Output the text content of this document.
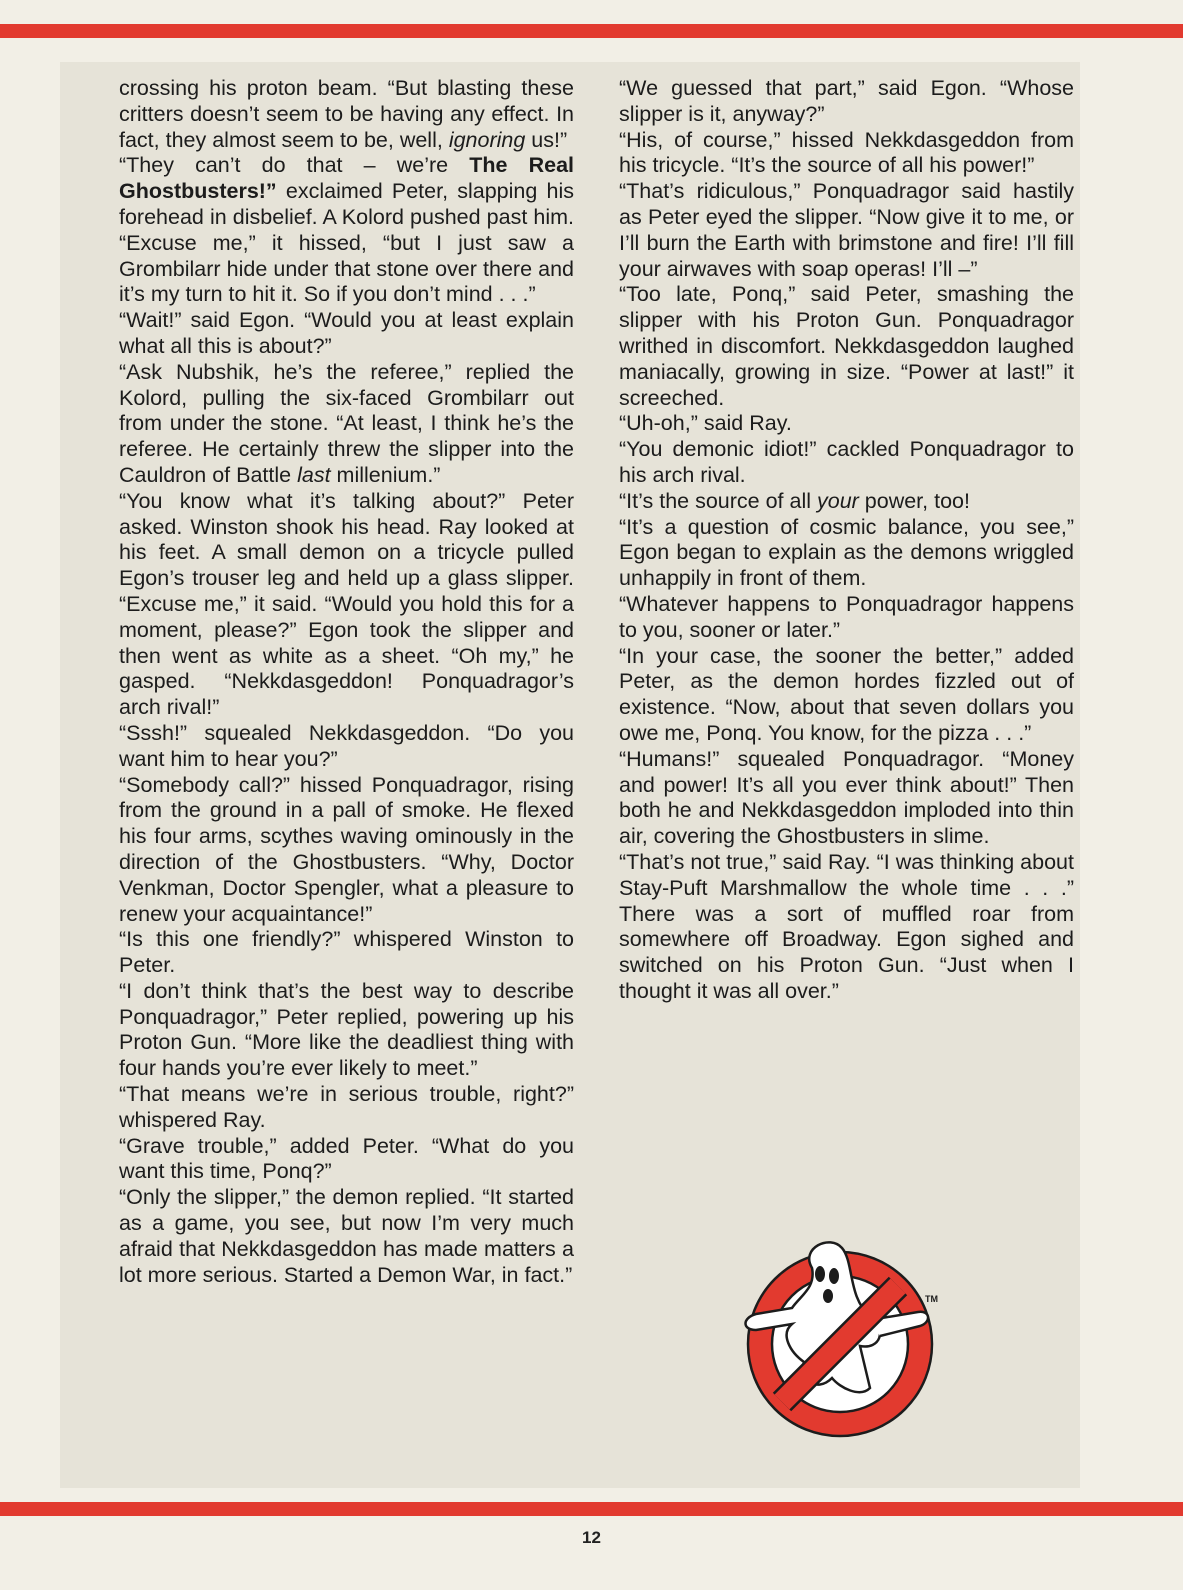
crossing his proton beam. “But blasting these critters doesn’t seem to be having any effect. In fact, they almost seem to be, well, ignoring us!”

“They can’t do that – we’re The Real Ghostbusters!” exclaimed Peter, slapping his forehead in disbelief. A Kolord pushed past him. “Excuse me,” it hissed, “but I just saw a Grombilarr hide under that stone over there and it’s my turn to hit it. So if you don’t mind . . .”

“Wait!” said Egon. “Would you at least explain what all this is about?”

“Ask Nubshik, he’s the referee,” replied the Kolord, pulling the six-faced Grombilarr out from under the stone. “At least, I think he’s the referee. He certainly threw the slipper into the Cauldron of Battle last millenium.”

“You know what it’s talking about?” Peter asked. Winston shook his head. Ray looked at his feet. A small demon on a tricycle pulled Egon’s trouser leg and held up a glass slipper. “Excuse me,” it said. “Would you hold this for a moment, please?” Egon took the slipper and then went as white as a sheet. “Oh my,” he gasped. “Nekkdasgeddon! Ponquadragor’s arch rival!”

“Sssh!” squealed Nekkdasgeddon. “Do you want him to hear you?”

“Somebody call?” hissed Ponquadragor, rising from the ground in a pall of smoke. He flexed his four arms, scythes waving ominously in the direction of the Ghostbusters. “Why, Doctor Venkman, Doctor Spengler, what a pleasure to renew your acquaintance!”

“Is this one friendly?” whispered Winston to Peter.

“I don’t think that’s the best way to describe Ponquadragor,” Peter replied, powering up his Proton Gun. “More like the deadliest thing with four hands you’re ever likely to meet.”

“That means we’re in serious trouble, right?” whispered Ray.

“Grave trouble,” added Peter. “What do you want this time, Ponq?”

“Only the slipper,” the demon replied. “It started as a game, you see, but now I’m very much afraid that Nekkdasgeddon has made matters a lot more serious. Started a Demon War, in fact.”

“We guessed that part,” said Egon. “Whose slipper is it, anyway?”

“His, of course,” hissed Nekkdasgeddon from his tricycle. “It’s the source of all his power!”

“That’s ridiculous,” Ponquadragor said hastily as Peter eyed the slipper. “Now give it to me, or I’ll burn the Earth with brimstone and fire! I’ll fill your airwaves with soap operas! I’ll –”

“Too late, Ponq,” said Peter, smashing the slipper with his Proton Gun. Ponquadragor writhed in discomfort. Nekkdasgeddon laughed maniacally, growing in size. “Power at last!” it screeched.

“Uh-oh,” said Ray.

“You demonic idiot!” cackled Ponquadragor to his arch rival.

“It’s the source of all your power, too!

“It’s a question of cosmic balance, you see,” Egon began to explain as the demons wriggled unhappily in front of them.

“Whatever happens to Ponquadragor happens to you, sooner or later.”

“In your case, the sooner the better,” added Peter, as the demon hordes fizzled out of existence. “Now, about that seven dollars you owe me, Ponq. You know, for the pizza . . .”

“Humans!” squealed Ponquadragor. “Money and power! It’s all you ever think about!” Then both he and Nekkdasgeddon imploded into thin air, covering the Ghostbusters in slime.

“That’s not true,” said Ray. “I was thinking about Stay-Puft Marshmallow the whole time . . .” There was a sort of muffled roar from somewhere off Broadway. Egon sighed and switched on his Proton Gun. “Just when I thought it was all over.”

TM
12
